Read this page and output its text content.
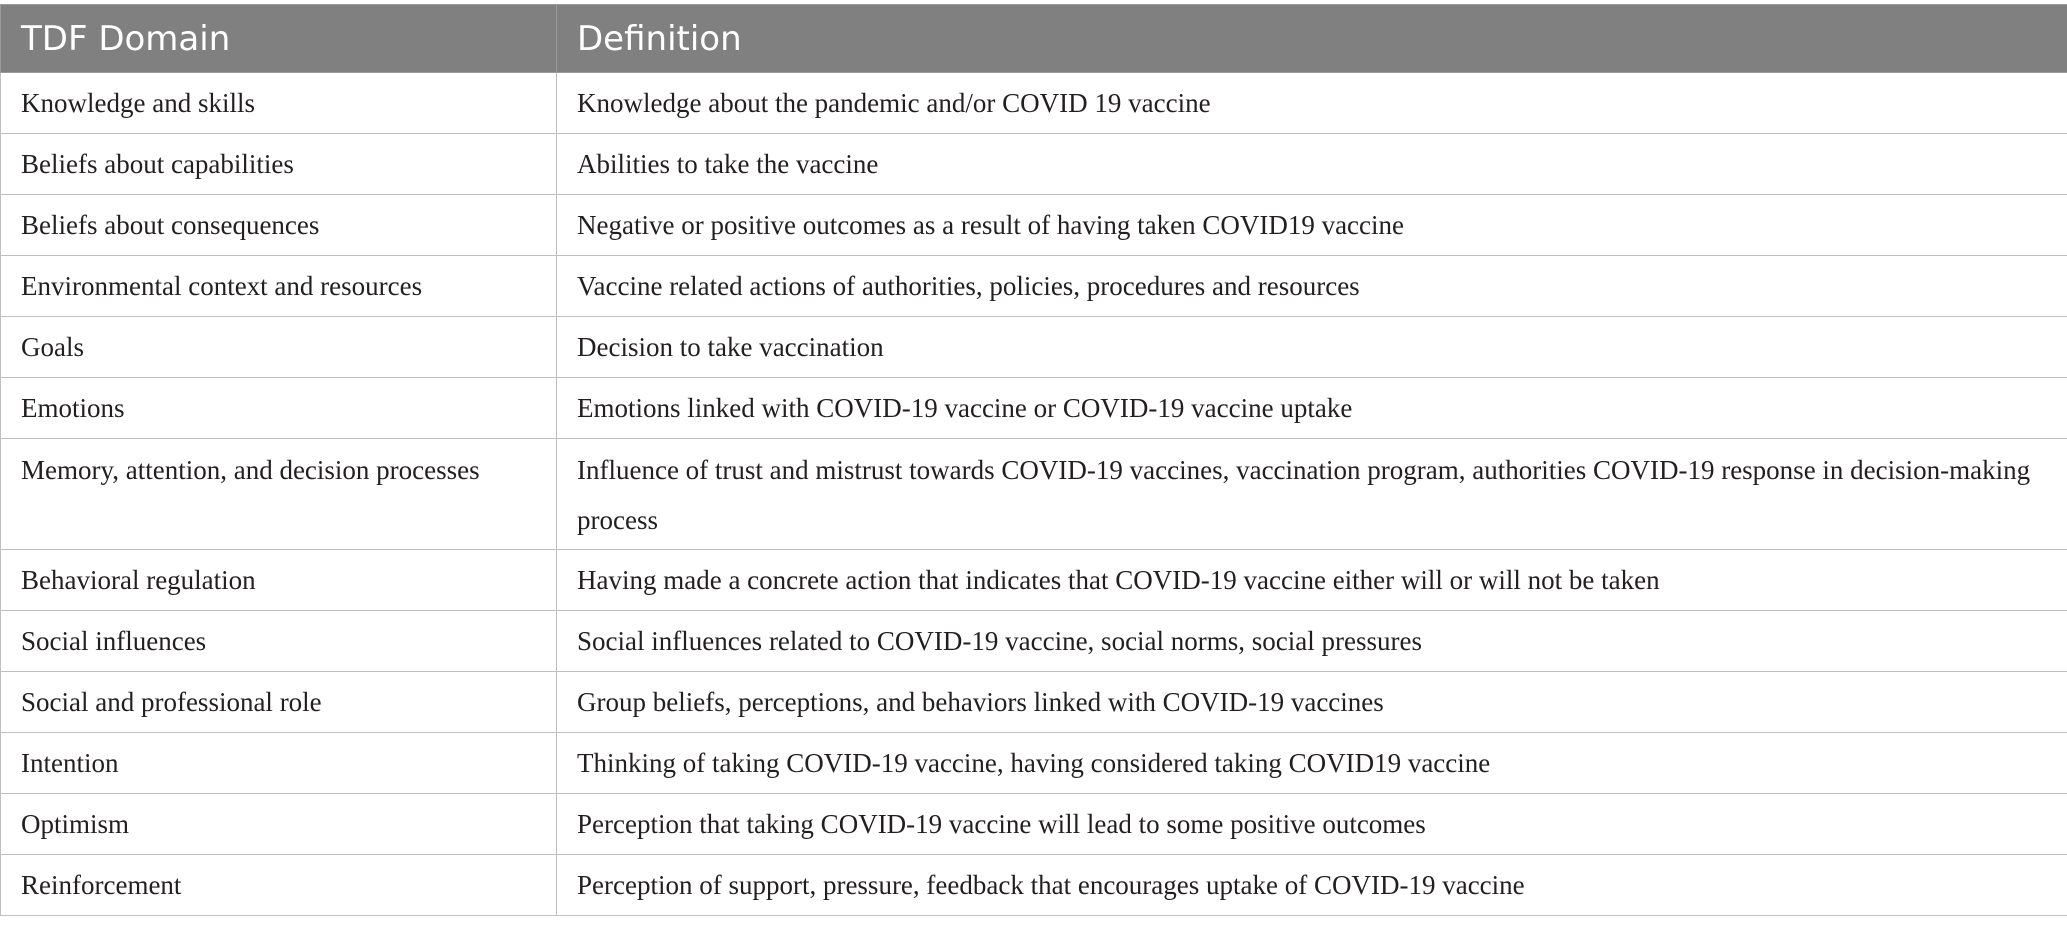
TDF Domain	Definition
Knowledge and skills	Knowledge about the pandemic and/or COVID 19 vaccine
Beliefs about capabilities	Abilities to take the vaccine
Beliefs about consequences	Negative or positive outcomes as a result of having taken COVID19 vaccine
Environmental context and resources	Vaccine related actions of authorities, policies, procedures and resources
Goals	Decision to take vaccination
Emotions	Emotions linked with COVID-19 vaccine or COVID-19 vaccine uptake
Memory, attention, and decision processes	Influence of trust and mistrust towards COVID-19 vaccines, vaccination program, authorities COVID-19 response in decision-making process
Behavioral regulation	Having made a concrete action that indicates that COVID-19 vaccine either will or will not be taken
Social influences	Social influences related to COVID-19 vaccine, social norms, social pressures
Social and professional role	Group beliefs, perceptions, and behaviors linked with COVID-19 vaccines
Intention	Thinking of taking COVID-19 vaccine, having considered taking COVID19 vaccine
Optimism	Perception that taking COVID-19 vaccine will lead to some positive outcomes
Reinforcement	Perception of support, pressure, feedback that encourages uptake of COVID-19 vaccine
